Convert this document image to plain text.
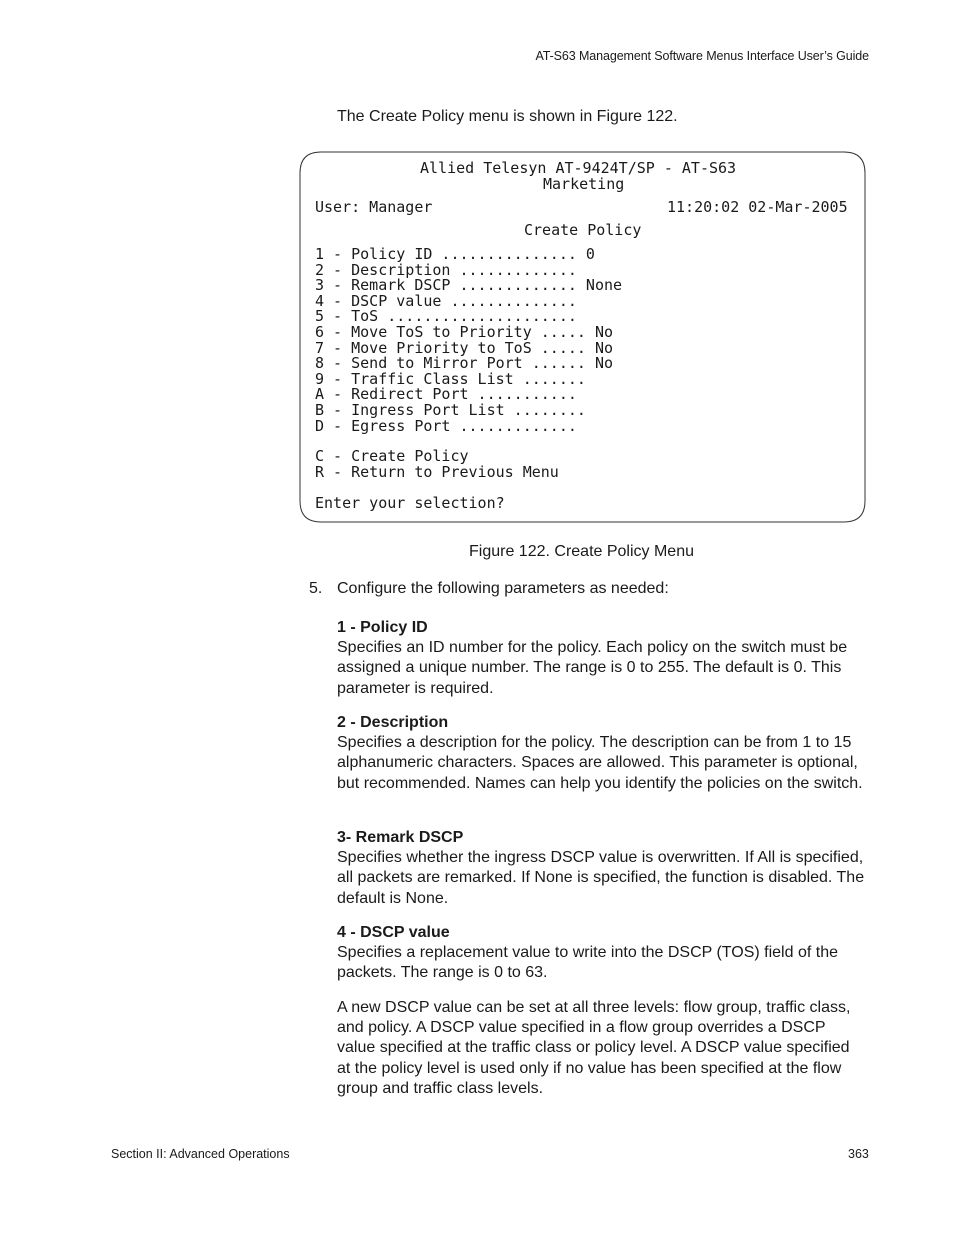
AT-S63 Management Software Menus Interface User’s Guide
The Create Policy menu is shown in Figure 122.
Allied Telesyn AT-9424T/SP - AT-S63
Marketing
User: Manager	11:20:02 02-Mar-2005
Create Policy
1 - Policy ID ............... 0
2 - Description .............
3 - Remark DSCP ............. None
4 - DSCP value ..............
5 - ToS .....................
6 - Move ToS to Priority ..... No
7 - Move Priority to ToS ..... No
8 - Send to Mirror Port ...... No
9 - Traffic Class List .......
A - Redirect Port ...........
B - Ingress Port List ........
D - Egress Port .............
C - Create Policy
R - Return to Previous Menu
Enter your selection?
Figure 122. Create Policy Menu
5. Configure the following parameters as needed:
1 - Policy ID
Specifies an ID number for the policy. Each policy on the switch must be assigned a unique number. The range is 0 to 255. The default is 0. This parameter is required.
2 - Description
Specifies a description for the policy. The description can be from 1 to 15 alphanumeric characters. Spaces are allowed. This parameter is optional, but recommended. Names can help you identify the policies on the switch.
3- Remark DSCP
Specifies whether the ingress DSCP value is overwritten. If All is specified, all packets are remarked. If None is specified, the function is disabled. The default is None.
4 - DSCP value
Specifies a replacement value to write into the DSCP (TOS) field of the packets. The range is 0 to 63.
A new DSCP value can be set at all three levels: flow group, traffic class, and policy. A DSCP value specified in a flow group overrides a DSCP value specified at the traffic class or policy level. A DSCP value specified at the policy level is used only if no value has been specified at the flow group and traffic class levels.
Section II: Advanced Operations	363
